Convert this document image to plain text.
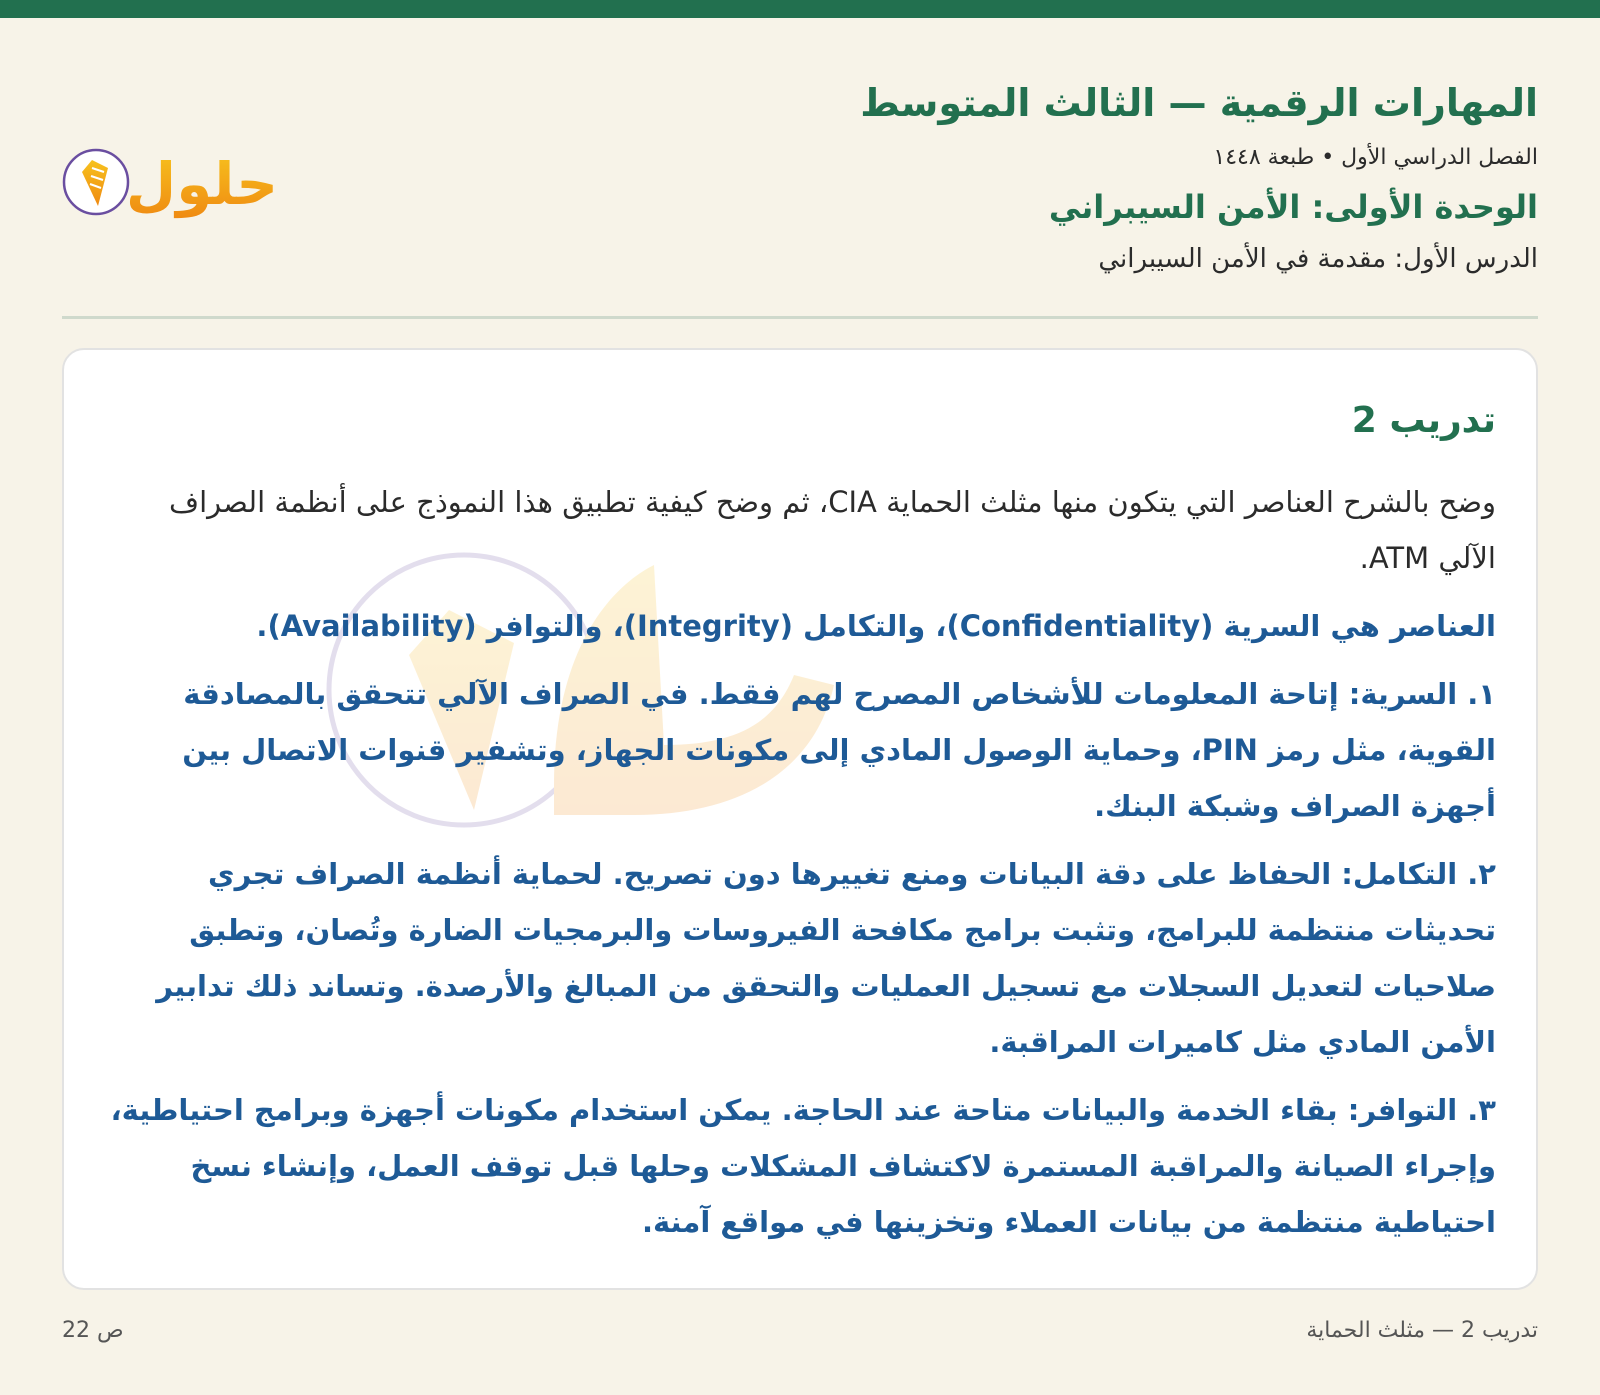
المهارات الرقمية — الثالث المتوسط
الفصل الدراسي الأول • طبعة ١٤٤٨
الوحدة الأولى: الأمن السيبراني
الدرس الأول: مقدمة في الأمن السيبراني
حلول
تدريب 2
وضح بالشرح العناصر التي يتكون منها مثلث الحماية CIA، ثم وضح كيفية تطبيق هذا النموذج على أنظمة الصراف الآلي ATM.
العناصر هي السرية (Confidentiality)، والتكامل (Integrity)، والتوافر (Availability).
١. السرية: إتاحة المعلومات للأشخاص المصرح لهم فقط. في الصراف الآلي تتحقق بالمصادقة القوية، مثل رمز PIN، وحماية الوصول المادي إلى مكونات الجهاز، وتشفير قنوات الاتصال بين أجهزة الصراف وشبكة البنك.
٢. التكامل: الحفاظ على دقة البيانات ومنع تغييرها دون تصريح. لحماية أنظمة الصراف تجري تحديثات منتظمة للبرامج، وتثبت برامج مكافحة الفيروسات والبرمجيات الضارة وتُصان، وتطبق صلاحيات لتعديل السجلات مع تسجيل العمليات والتحقق من المبالغ والأرصدة. وتساند ذلك تدابير الأمن المادي مثل كاميرات المراقبة.
٣. التوافر: بقاء الخدمة والبيانات متاحة عند الحاجة. يمكن استخدام مكونات أجهزة وبرامج احتياطية، وإجراء الصيانة والمراقبة المستمرة لاكتشاف المشكلات وحلها قبل توقف العمل، وإنشاء نسخ احتياطية منتظمة من بيانات العملاء وتخزينها في مواقع آمنة.
تدريب 2 — مثلث الحماية
ص 22
